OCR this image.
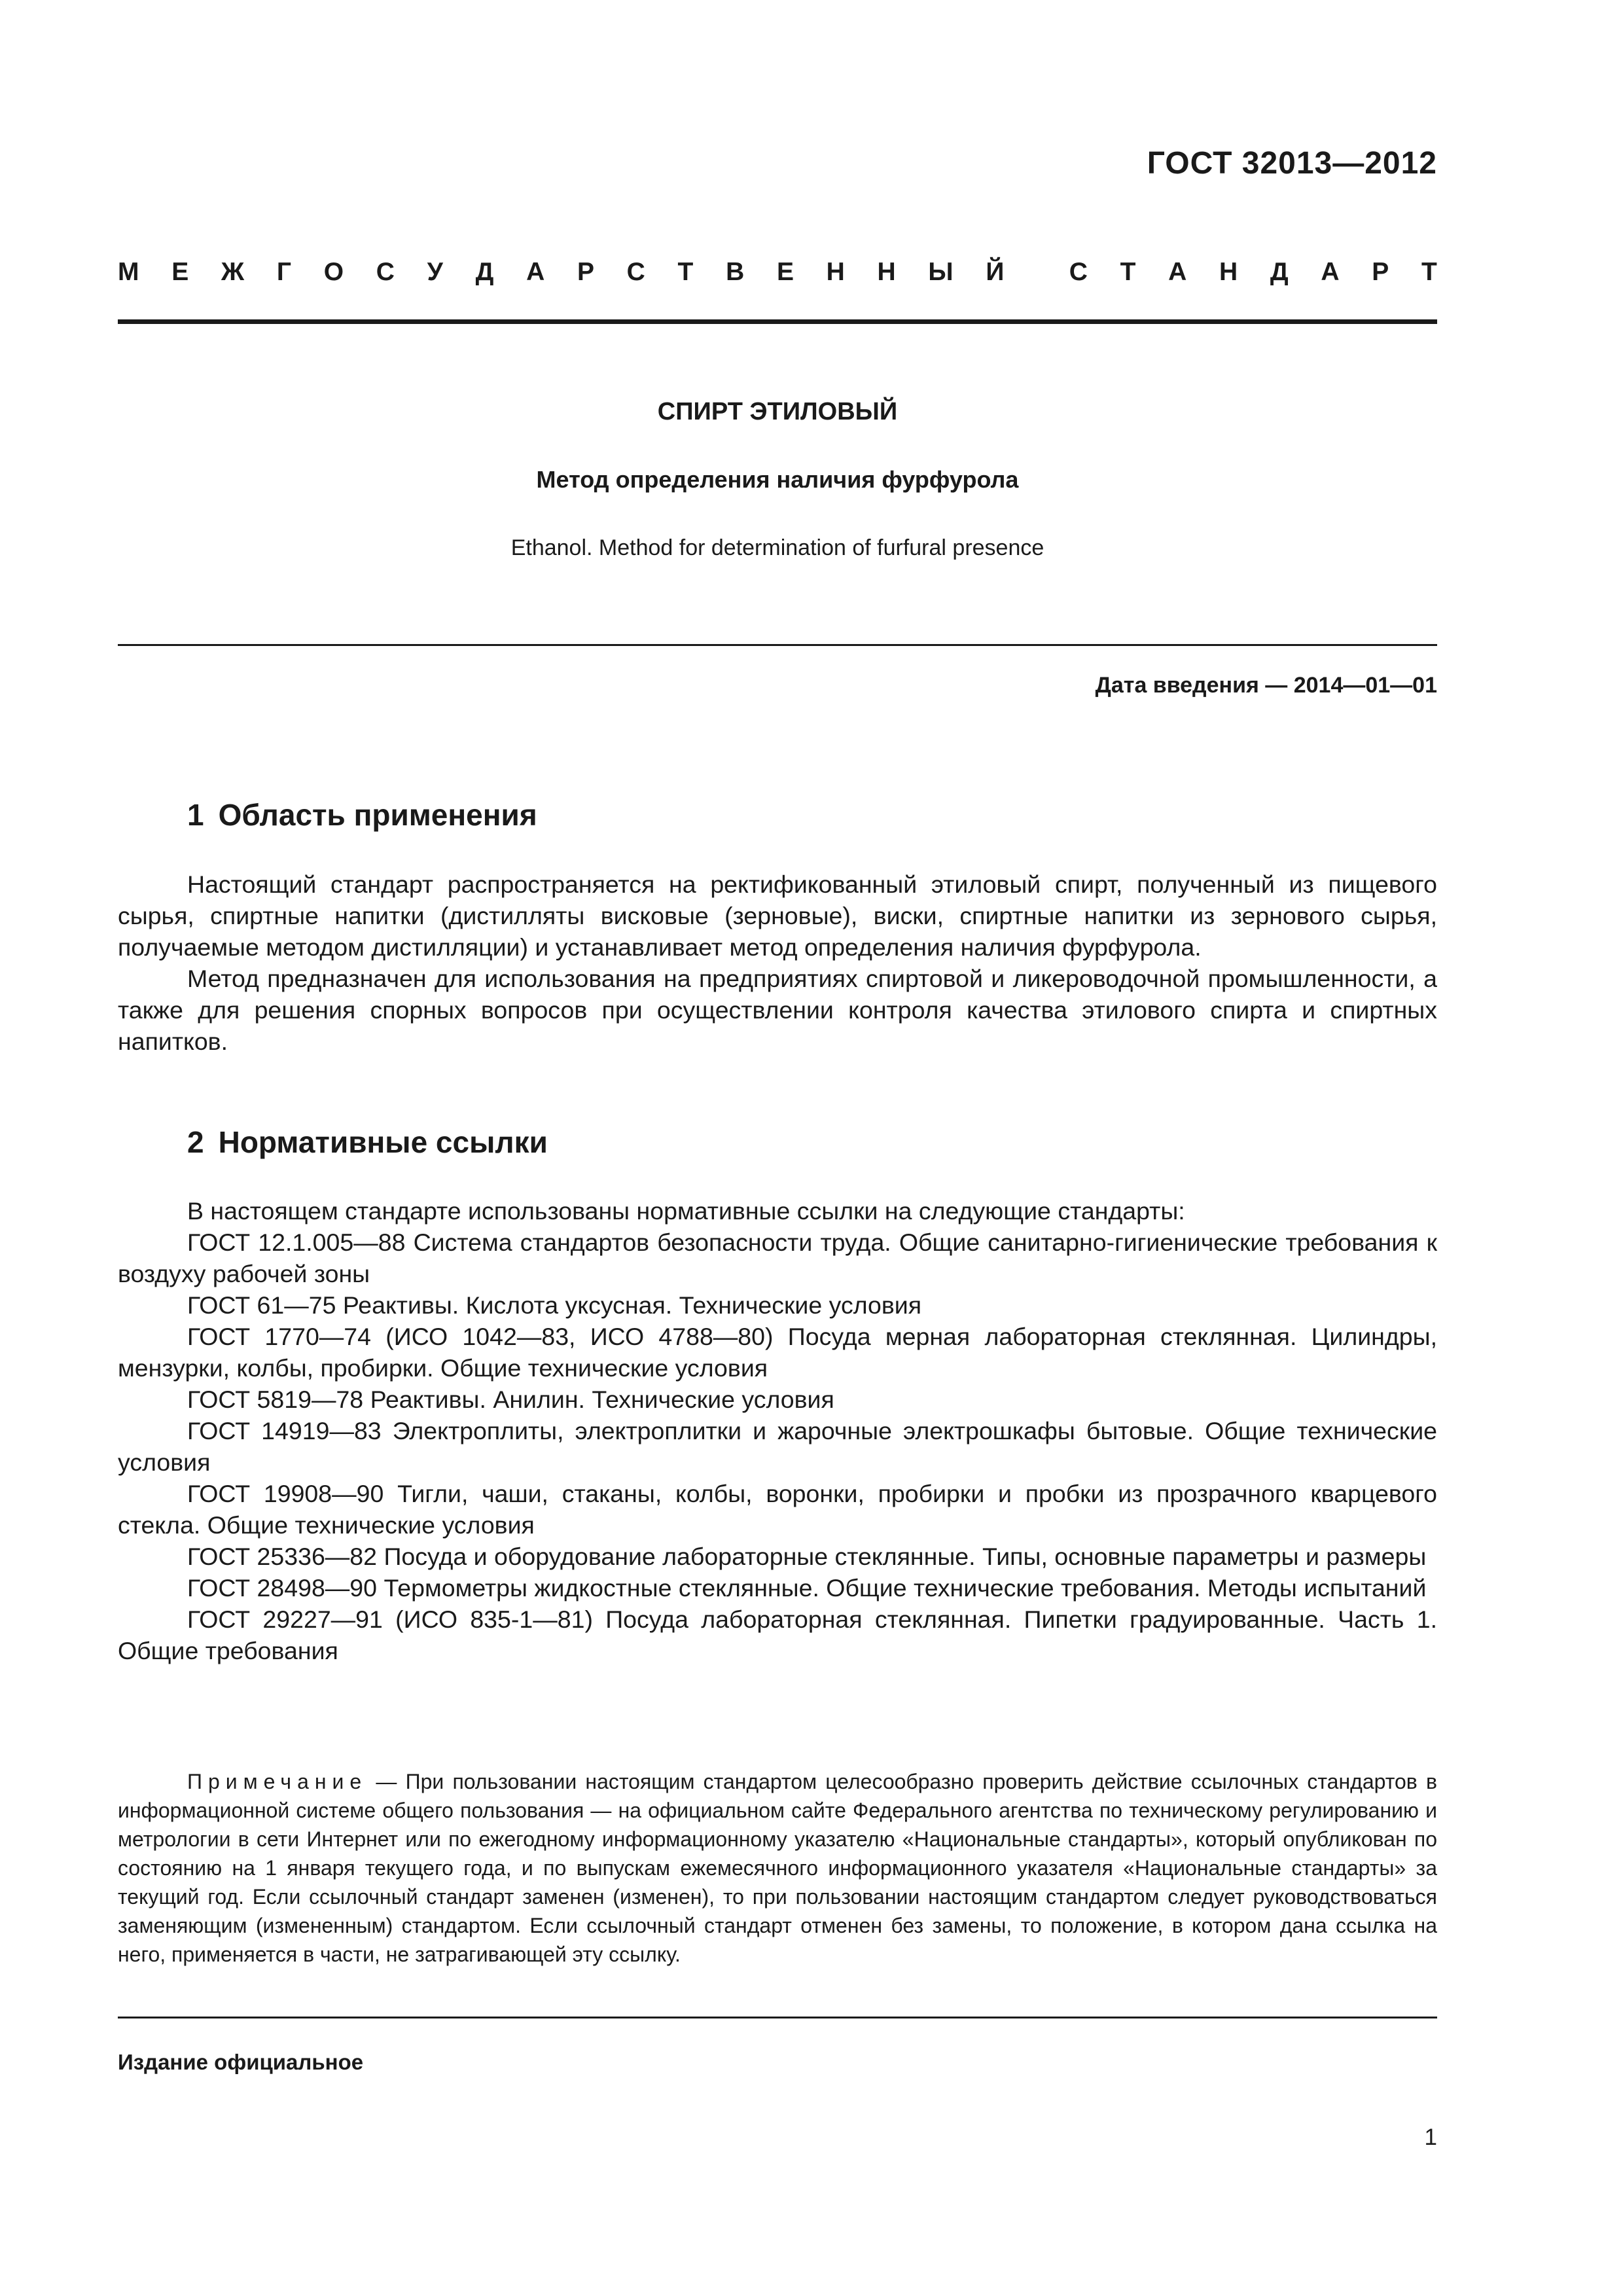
ГОСТ 32013—2012
М Е Ж Г О С У Д А Р С Т В Е Н Н Ы Й	С Т А Н Д А Р Т
СПИРТ ЭТИЛОВЫЙ
Метод определения наличия фурфурола
Ethanol. Method for determination of furfural presence
Дата введения — 2014—01—01
1 Область применения

Настоящий стандарт распространяется на ректификованный этиловый спирт, полученный из пищевого сырья, спиртные напитки (дистилляты висковые (зерновые), виски, спиртные напитки из зернового сырья, получаемые методом дистилляции) и устанавливает метод определения наличия фурфурола.

Метод предназначен для использования на предприятиях спиртовой и ликероводочной промышленности, а также для решения спорных вопросов при осуществлении контроля качества этилового спирта и спиртных напитков.

2 Нормативные ссылки

В настоящем стандарте использованы нормативные ссылки на следующие стандарты:

ГОСТ 12.1.005—88 Система стандартов безопасности труда. Общие санитарно-гигиенические требования к воздуху рабочей зоны

ГОСТ 61—75 Реактивы. Кислота уксусная. Технические условия

ГОСТ 1770—74 (ИСО 1042—83, ИСО 4788—80) Посуда мерная лабораторная стеклянная. Цилиндры, мензурки, колбы, пробирки. Общие технические условия

ГОСТ 5819—78 Реактивы. Анилин. Технические условия

ГОСТ 14919—83 Электроплиты, электроплитки и жарочные электрошкафы бытовые. Общие технические условия

ГОСТ 19908—90 Тигли, чаши, стаканы, колбы, воронки, пробирки и пробки из прозрачного кварцевого стекла. Общие технические условия

ГОСТ 25336—82 Посуда и оборудование лабораторные стеклянные. Типы, основные параметры и размеры

ГОСТ 28498—90 Термометры жидкостные стеклянные. Общие технические требования. Методы испытаний

ГОСТ 29227—91 (ИСО 835-1—81) Посуда лабораторная стеклянная. Пипетки градуированные. Часть 1. Общие требования

Примечание — При пользовании настоящим стандартом целесообразно проверить действие ссылочных стандартов в информационной системе общего пользования — на официальном сайте Федерального агентства по техническому регулированию и метрологии в сети Интернет или по ежегодному информационному указателю «Национальные стандарты», который опубликован по состоянию на 1 января текущего года, и по выпускам ежемесячного информационного указателя «Национальные стандарты» за текущий год. Если ссылочный стандарт заменен (изменен), то при пользовании настоящим стандартом следует руководствоваться заменяющим (измененным) стандартом. Если ссылочный стандарт отменен без замены, то положение, в котором дана ссылка на него, применяется в части, не затрагивающей эту ссылку.
Издание официальное
1
